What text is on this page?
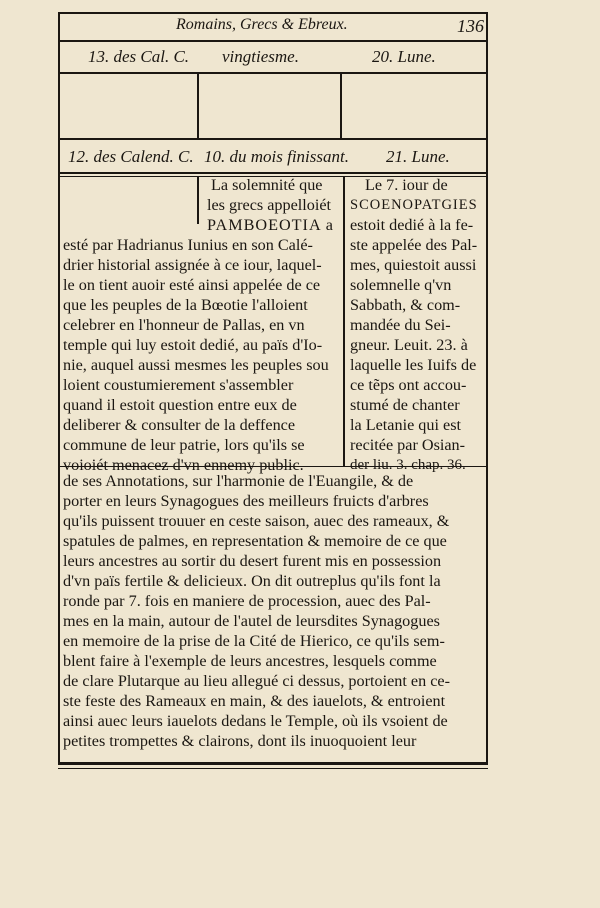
Romains, Grecs & Ebreux.	136
13. des Cal. C. vingtiesme.	20. Lune.
12. des Calend. C. 10. du mois finissant. 21. Lune.
La solemnité que
les grecs appelloiét
PAMBOEOTIA a
esté par Hadrianus Iunius en son Calé-
drier historial assignée à ce iour, laquel-
le on tient auoir esté ainsi appelée de ce
que les peuples de la Bœotie l'alloient
celebrer en l'honneur de Pallas, en vn
temple qui luy estoit dedié, au païs d'Io-
nie, auquel aussi mesmes les peuples sou
loient coustumierement s'assembler
quand il estoit question entre eux de
deliberer & consulter de la deffence
commune de leur patrie, lors qu'ils se
voioiét menacez d'vn ennemy public.
Le 7. iour de
SCOENOPATGIES
estoit dedié à la fe-
ste appelée des Pal-
mes, quiestoit aussi
solemnelle q'vn
Sabbath, & com-
mandée du Sei-
gneur. Leuit. 23. à
laquelle les Iuifs de
ce tẽps ont accou-
stumé de chanter
la Letanie qui est
recitée par Osian-
der liu. 3. chap. 36.
de ses Annotations, sur l'harmonie de l'Euangile, & de
porter en leurs Synagogues des meilleurs fruicts d'arbres
qu'ils puissent trouuer en ceste saison, auec des rameaux, &
spatules de palmes, en representation & memoire de ce que
leurs ancestres au sortir du desert furent mis en possession
d'vn païs fertile & delicieux. On dit outreplus qu'ils font la
ronde par 7. fois en maniere de procession, auec des Pal-
mes en la main, autour de l'autel de leursdites Synagogues
en memoire de la prise de la Cité de Hierico, ce qu'ils sem-
blent faire à l'exemple de leurs ancestres, lesquels comme
de clare Plutarque au lieu allegué ci dessus, portoient en ce-
ste feste des Rameaux en main, & des iauelots, & entroient
ainsi auec leurs iauelots dedans le Temple, où ils vsoient de
petites trompettes & clairons, dont ils inuoquoient leur
